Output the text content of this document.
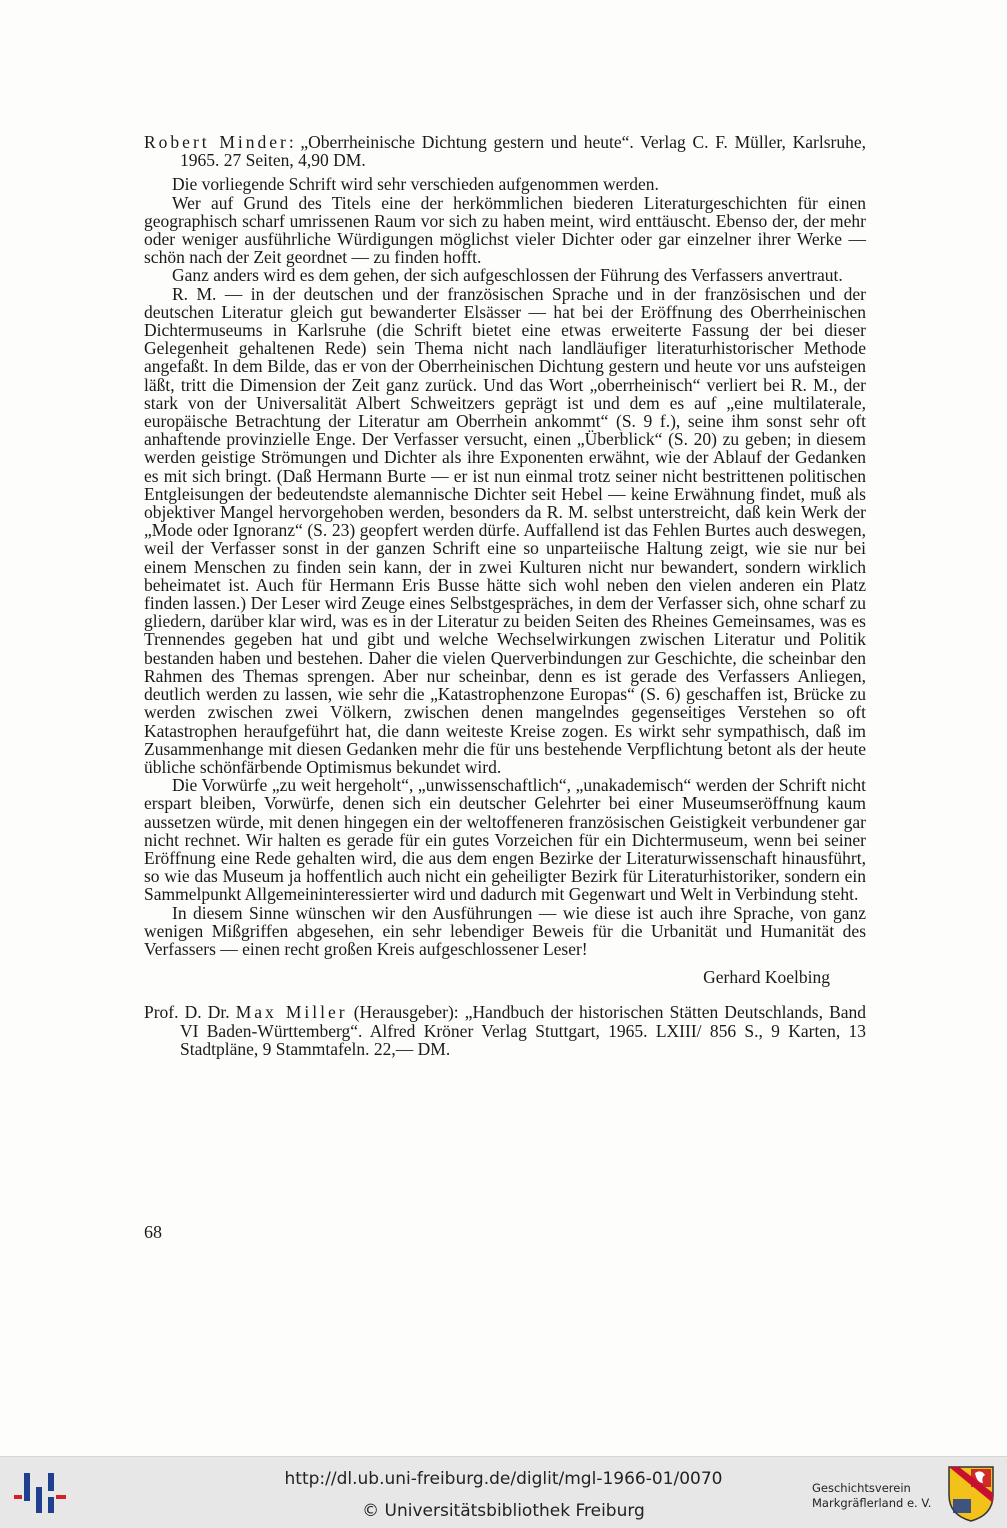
Robert Minder: „Oberrheinische Dichtung gestern und heute“. Verlag C. F. Müller, Karlsruhe, 1965. 27 Seiten, 4,90 DM.

Die vorliegende Schrift wird sehr verschieden aufgenommen werden.

Wer auf Grund des Titels eine der herkömmlichen biederen Literaturgeschichten für einen geographisch scharf umrissenen Raum vor sich zu haben meint, wird enttäuscht. Ebenso der, der mehr oder weniger ausführliche Würdigungen möglichst vieler Dichter oder gar einzelner ihrer Werke — schön nach der Zeit geordnet — zu finden hofft.

Ganz anders wird es dem gehen, der sich aufgeschlossen der Führung des Verfassers anvertraut.

R. M. — in der deutschen und der französischen Sprache und in der französischen und der deutschen Literatur gleich gut bewanderter Elsässer — hat bei der Eröffnung des Oberrheinischen Dichtermuseums in Karlsruhe (die Schrift bietet eine etwas erweiterte Fassung der bei dieser Gelegenheit gehaltenen Rede) sein Thema nicht nach landläufiger literaturhistorischer Methode angefaßt. In dem Bilde, das er von der Oberrheinischen Dichtung gestern und heute vor uns aufsteigen läßt, tritt die Dimension der Zeit ganz zurück. Und das Wort „oberrheinisch“ verliert bei R. M., der stark von der Universalität Albert Schweitzers geprägt ist und dem es auf „eine multilaterale, europäische Betrachtung der Literatur am Oberrhein ankommt“ (S. 9 f.), seine ihm sonst sehr oft anhaftende provinzielle Enge. Der Verfasser versucht, einen „Überblick“ (S. 20) zu geben; in diesem werden geistige Strömungen und Dichter als ihre Exponenten erwähnt, wie der Ablauf der Gedanken es mit sich bringt. (Daß Hermann Burte — er ist nun einmal trotz seiner nicht bestrittenen politischen Entgleisungen der bedeutendste alemannische Dichter seit Hebel — keine Erwähnung findet, muß als objektiver Mangel hervorgehoben werden, besonders da R. M. selbst unterstreicht, daß kein Werk der „Mode oder Ignoranz“ (S. 23) geopfert werden dürfe. Auffallend ist das Fehlen Burtes auch deswegen, weil der Verfasser sonst in der ganzen Schrift eine so unparteiische Haltung zeigt, wie sie nur bei einem Menschen zu finden sein kann, der in zwei Kulturen nicht nur bewandert, sondern wirklich beheimatet ist. Auch für Hermann Eris Busse hätte sich wohl neben den vielen anderen ein Platz finden lassen.) Der Leser wird Zeuge eines Selbstgespräches, in dem der Verfasser sich, ohne scharf zu gliedern, darüber klar wird, was es in der Literatur zu beiden Seiten des Rheines Gemeinsames, was es Trennendes gegeben hat und gibt und welche Wechselwirkungen zwischen Literatur und Politik bestanden haben und bestehen. Daher die vielen Querverbindungen zur Geschichte, die scheinbar den Rahmen des Themas sprengen. Aber nur scheinbar, denn es ist gerade des Verfassers Anliegen, deutlich werden zu lassen, wie sehr die „Katastrophenzone Europas“ (S. 6) geschaffen ist, Brücke zu werden zwischen zwei Völkern, zwischen denen mangelndes gegenseitiges Verstehen so oft Katastrophen heraufgeführt hat, die dann weiteste Kreise zogen. Es wirkt sehr sympathisch, daß im Zusammenhange mit diesen Gedanken mehr die für uns bestehende Verpflichtung betont als der heute übliche schönfärbende Optimismus bekundet wird.

Die Vorwürfe „zu weit hergeholt“, „unwissenschaftlich“, „unakademisch“ werden der Schrift nicht erspart bleiben, Vorwürfe, denen sich ein deutscher Gelehrter bei einer Museumseröffnung kaum aussetzen würde, mit denen hingegen ein der weltoffeneren französischen Geistigkeit verbundener gar nicht rechnet. Wir halten es gerade für ein gutes Vorzeichen für ein Dichtermuseum, wenn bei seiner Eröffnung eine Rede gehalten wird, die aus dem engen Bezirke der Literaturwissenschaft hinausführt, so wie das Museum ja hoffentlich auch nicht ein geheiligter Bezirk für Literaturhistoriker, sondern ein Sammelpunkt Allgemeininteressierter wird und dadurch mit Gegenwart und Welt in Verbindung steht.

In diesem Sinne wünschen wir den Ausführungen — wie diese ist auch ihre Sprache, von ganz wenigen Mißgriffen abgesehen, ein sehr lebendiger Beweis für die Urbanität und Humanität des Verfassers — einen recht großen Kreis aufgeschlossener Leser!

Gerhard Koelbing
Prof. D. Dr. Max Miller (Herausgeber): „Handbuch der historischen Stätten Deutschlands, Band VI Baden-Württemberg“. Alfred Kröner Verlag Stuttgart, 1965. LXIII/ 856 S., 9 Karten, 13 Stadtpläne, 9 Stammtafeln. 22,— DM.
68
http://dl.ub.uni-freiburg.de/diglit/mgl-1966-01/0070
© Universitätsbibliothek Freiburg
Geschichtsverein
Markgräflerland e. V.
